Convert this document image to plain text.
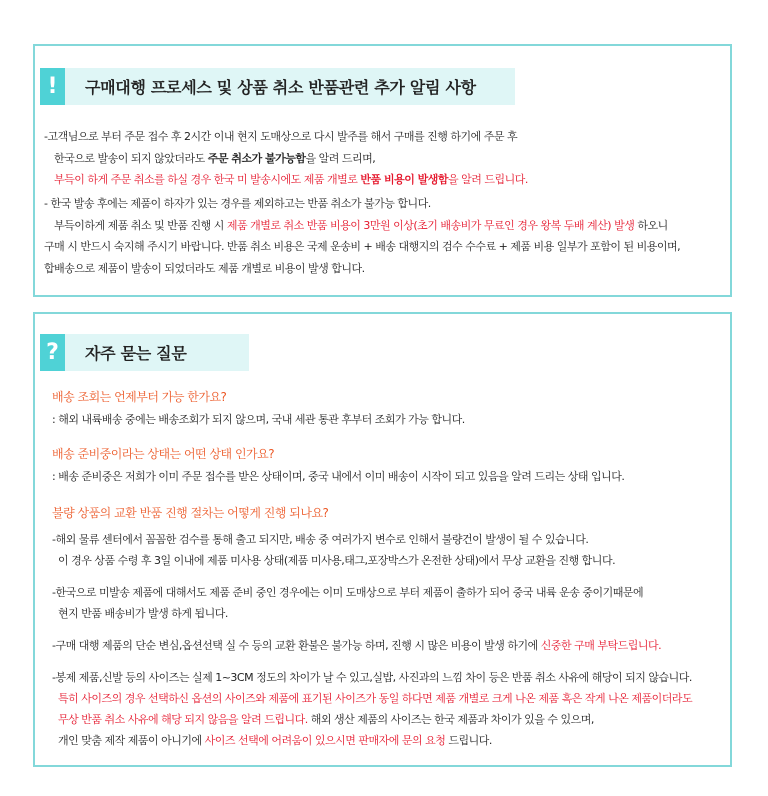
!	구매대행 프로세스 및 상품 취소 반품관련 추가 알림 사항
-고객님으로 부터 주문 접수 후 2시간 이내 현지 도매상으로 다시 발주를 해서 구매를 진행 하기에 주문 후
한국으로 발송이 되지 않았더라도 주문 취소가 불가능함을 알려 드리며,
부득이 하게 주문 취소를 하실 경우 한국 미 발송시에도 제품 개별로 반품 비용이 발생함을 알려 드립니다.
- 한국 발송 후에는 제품이 하자가 있는 경우를 제외하고는 반품 취소가 불가능 합니다.
부득이하게 제품 취소 및 반품 진행 시 제품 개별로 취소 반품 비용이 3만원 이상(초기 배송비가 무료인 경우 왕복 두배 계산) 발생 하오니
구매 시 반드시 숙지해 주시기 바랍니다. 반품 취소 비용은 국제 운송비 + 배송 대행지의 검수 수수료 + 제품 비용 일부가 포함이 된 비용이며,
합배송으로 제품이 발송이 되었더라도 제품 개별로 비용이 발생 합니다.
?	자주 묻는 질문
배송 조회는 언제부터 가능 한가요?
: 해외 내륙배송 중에는 배송조회가 되지 않으며, 국내 세관 통관 후부터 조회가 가능 합니다.
배송 준비중이라는 상태는 어떤 상태 인가요?
: 배송 준비중은 저희가 이미 주문 접수를 받은 상태이며, 중국 내에서 이미 배송이 시작이 되고 있음을 알려 드리는 상태 입니다.
불량 상품의 교환 반품 진행 절차는 어떻게 진행 되나요?
-해외 물류 센터에서 꼼꼼한 검수를 통해 출고 되지만, 배송 중 여러가지 변수로 인해서 불량건이 발생이 될 수 있습니다.
이 경우 상품 수령 후 3일 이내에 제품 미사용 상태(제품 미사용,태그,포장박스가 온전한 상태)에서 무상 교환을 진행 합니다.
-한국으로 미발송 제품에 대해서도 제품 준비 중인 경우에는 이미 도매상으로 부터 제품이 출하가 되어 중국 내륙 운송 중이기때문에
현지 반품 배송비가 발생 하게 됩니다.
-구매 대행 제품의 단순 변심,옵션선택 실 수 등의 교환 환불은 불가능 하며, 진행 시 많은 비용이 발생 하기에 신중한 구매 부탁드립니다.
-봉제 제품,신발 등의 사이즈는 실제 1~3CM 정도의 차이가 날 수 있고,실밥, 사진과의 느낌 차이 등은 반품 취소 사유에 해당이 되지 않습니다.
특히 사이즈의 경우 선택하신 옵션의 사이즈와 제품에 표기된 사이즈가 동일 하다면 제품 개별로 크게 나온 제품 혹은 작게 나온 제품이더라도
무상 반품 취소 사유에 해당 되지 않음을 알려 드립니다. 해외 생산 제품의 사이즈는 한국 제품과 차이가 있을 수 있으며,
개인 맞춤 제작 제품이 아니기에 사이즈 선택에 어려움이 있으시면 판매자에 문의 요청 드립니다.
